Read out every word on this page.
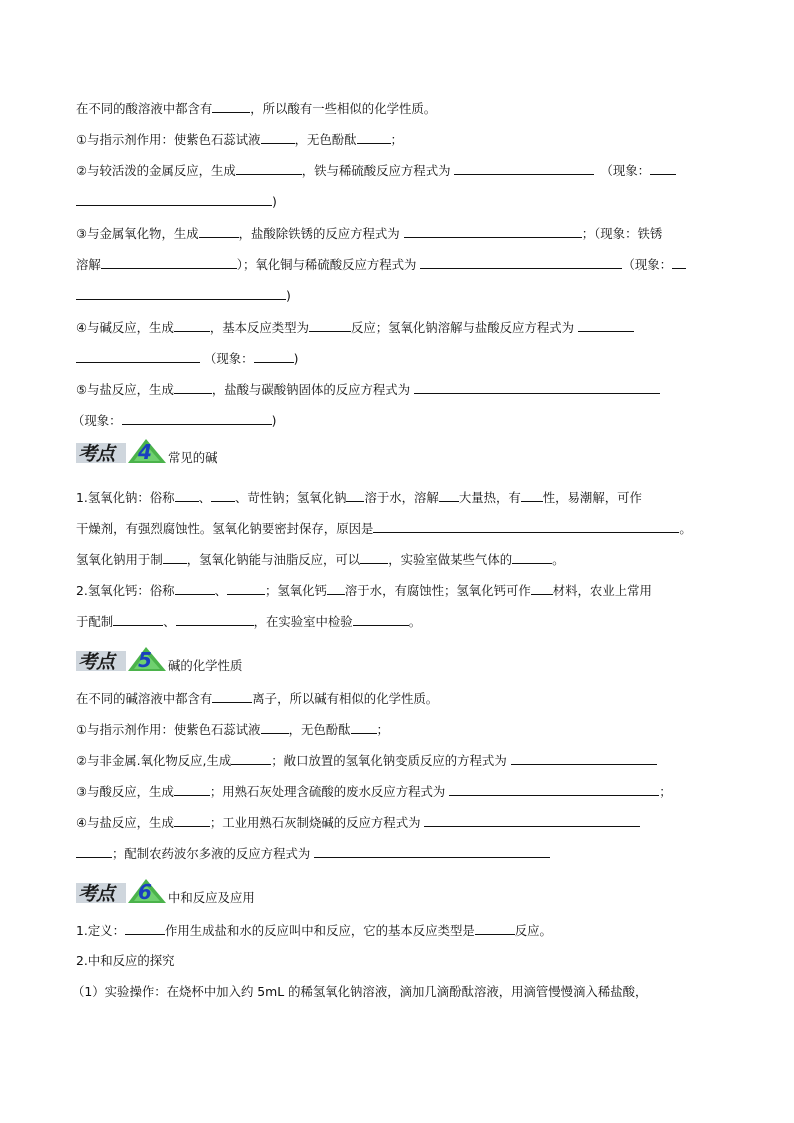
在不同的酸溶液中都含有	，所以酸有一些相似的化学性质。
①与指示剂作用：使紫色石蕊试液	，无色酚酞	；
②与较活泼的金属反应，生成	，铁与稀硫酸反应方程式为	（现象：
)
③与金属氧化物，生成	，盐酸除铁锈的反应方程式为	；（现象：铁锈
溶解	）；氧化铜与稀硫酸反应方程式为	（现象：
)
④与碱反应，生成	，基本反应类型为	反应；氢氧化钠溶解与盐酸反应方程式为
（现象：	)
⑤与盐反应，生成	，盐酸与碳酸钠固体的反应方程式为
（现象：	)
考点 4 常见的碱
1.氢氧化钠：俗称 、 、苛性钠；氢氧化钠 溶于水，溶解 大量热，有 性，易潮解，可作
干燥剂，有强烈腐蚀性。氢氧化钠要密封保存，原因是	。
氢氧化钠用于制 ，氢氧化钠能与油脂反应，可以 ，实验室做某些气体的	。
2.氢氧化钙：俗称	、	；氢氧化钙 溶于水，有腐蚀性；氢氧化钙可作 材料，农业上常用
于配制	、	，在实验室中检验	。
考点 5 碱的化学性质
在不同的碱溶液中都含有	离子，所以碱有相似的化学性质。
①与指示剂作用：使紫色石蕊试液 ，无色酚酞 ；
②与非金属.氧化物反应,生成	；敞口放置的氢氧化钠变质反应的方程式为
③与酸反应，生成	；用熟石灰处理含硫酸的废水反应方程式为	；
④与盐反应，生成	；工业用熟石灰制烧碱的反应方程式为
；配制农药波尔多液的反应方程式为
考点 6 中和反应及应用
1.定义：	作用生成盐和水的反应叫中和反应，它的基本反应类型是	反应。
2.中和反应的探究
（1）实验操作：在烧杯中加入约 5mL 的稀氢氧化钠溶液，滴加几滴酚酞溶液，用滴管慢慢滴入稀盐酸，
